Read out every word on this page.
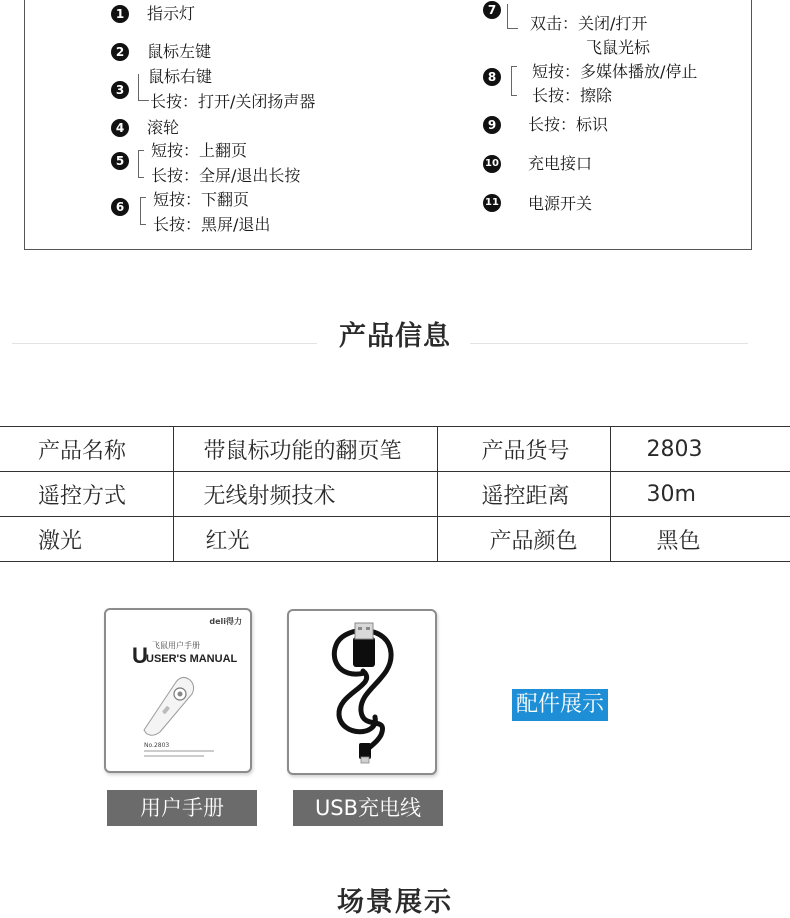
1	指示灯
2	鼠标左键
3
鼠标右键
长按：打开/关闭扬声器
4	滚轮
5
短按：上翻页
长按：全屏/退出长按
6	短按：下翻页
长按：黑屏/退出
7
双击：关闭/打开
飞鼠光标
8	短按：多媒体播放/停止
长按：擦除
9	长按：标识
10 充电接口
11 电源开关
产品信息
产品名称	带鼠标功能的翻页笔	产品货号	2803
遥控方式	无线射频技术	遥控距离	30m
激光	红光	产品颜色	黑色
deli得力
飞鼠用户手册
U
USER'S MANUAL
No.2803
用户手册	USB充电线
配件展示
场景展示
